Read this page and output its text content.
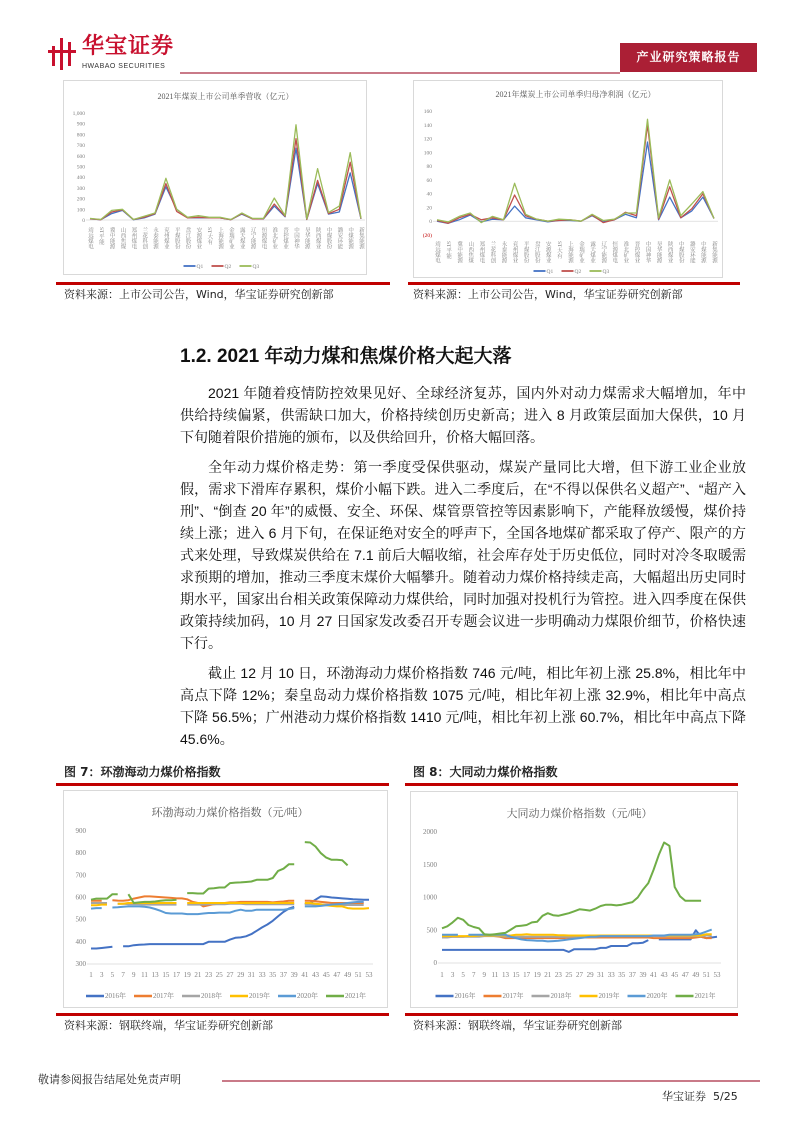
华宝证券
HWABAO SECURITIES
产业研究策略报告
2021年煤炭上市公司单季营收（亿元）
0
100
200
300
400
500
600
700
800
900
1,000
靖远煤电 ST平能 冀中能源 山西焦煤 郑州煤电 兰花科创 永泰能源 兖州煤业 平煤股份 盘江股份 安源煤业 ST大有 上海能源 金瑞矿业 露天煤业 辽宁能源 恒源煤电 淮北矿业 晋控煤业 中国神华 昊华能源 陕西煤业 中煤股份 潞安环能 中煤能源 新集能源
Q1	Q2	Q3
2021年煤炭上市公司单季归母净利润（亿元）
(20)
0
20
40
60
80
100
120
140
160
靖远煤电 ST平能 冀中能源 山西焦煤 郑州煤电 兰花科创 永泰能源 兖州煤业 平煤股份 盘江股份 安源煤业 ST大有 上海能源 金瑞矿业 露天煤业 辽宁能源 恒源煤电 淮北矿业 晋控煤业 中国神华 昊华能源 陕西煤业 中煤股份 潞安环能 中煤能源 新集能源
Q1	Q2	Q3
资料来源：上市公司公告，Wind，华宝证券研究创新部	资料来源：上市公司公告，Wind，华宝证券研究创新部
1.2. 2021 年动力煤和焦煤价格大起大落

2021 年随着疫情防控效果见好、全球经济复苏，国内外对动力煤需求大幅增加，年中供给持续偏紧，供需缺口加大，价格持续创历史新高；进入 8 月政策层面加大保供，10 月下旬随着限价措施的颁布，以及供给回升，价格大幅回落。

全年动力煤价格走势：第一季度受保供驱动，煤炭产量同比大增，但下游工业企业放假，需求下滑库存累积，煤价小幅下跌。进入二季度后，在“不得以保供名义超产”、“超产入刑”、“倒查 20 年”的威慑、安全、环保、煤管票管控等因素影响下，产能释放缓慢，煤价持续上涨；进入 6 月下旬，在保证绝对安全的呼声下，全国各地煤矿都采取了停产、限产的方式来处理，导致煤炭供给在 7.1 前后大幅收缩，社会库存处于历史低位，同时对冷冬取暖需求预期的增加，推动三季度末煤价大幅攀升。随着动力煤价格持续走高，大幅超出历史同时期水平，国家出台相关政策保障动力煤供给，同时加强对投机行为管控。进入四季度在保供政策持续加码，10 月 27 日国家发改委召开专题会议进一步明确动力煤限价细节，价格快速下行。

截止 12 月 10 日，环渤海动力煤价格指数 746 元/吨，相比年初上涨 25.8%，相比年中高点下降 12%；秦皇岛动力煤价格指数 1075 元/吨，相比年初上涨 32.9%，相比年中高点下降 56.5%；广州港动力煤价格指数 1410 元/吨，相比年初上涨 60.7%，相比年中高点下降 45.6%。

图 7：环渤海动力煤价格指数	图 8：大同动力煤价格指数
环渤海动力煤价格指数（元/吨）
300
400
500
600
700
800
900
1 3 5 7 9 11 13 15 17 19 21 23 25 27 29 31 33 35 37 39 41 43 45 47 49 51 53
2016年	2017年	2018年	2019年	2020年	2021年
大同动力煤价格指数（元/吨）
0
500
1000
1500
2000
1 3 5 7 9 11 13 15 17 19 21 23 25 27 29 31 33 35 37 39 41 43 45 47 49 51 53
2016年	2017年	2018年	2019年	2020年	2021年
资料来源：钢联终端，华宝证券研究创新部	资料来源：钢联终端，华宝证券研究创新部
敬请参阅报告结尾处免责声明
华宝证券 5/25
